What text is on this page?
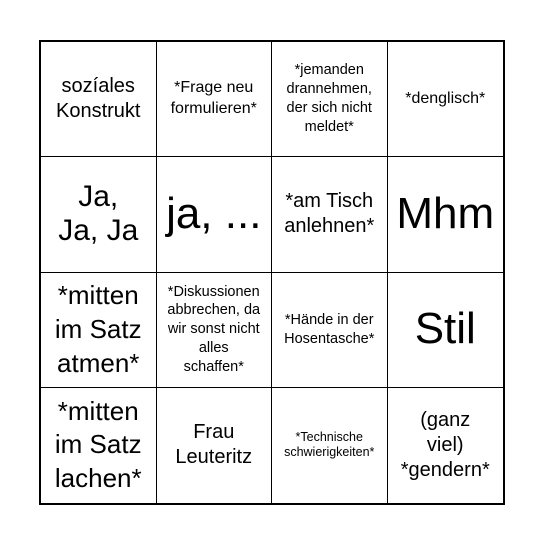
sozíales
Konstrukt
*Frage neu
formulieren*
*jemanden
drannehmen,
der sich nicht
meldet*
*denglisch*
Ja,
Ja, Ja ja, ... *am Tisch
anlehnen* Mhm
*mitten
im Satz
atmen*
*Diskussionen
abbrechen, da
wir sonst nicht
alles
schaffen*
*Hände in der
Hosentasche* Stil
*mitten
im Satz
lachen*
Frau
Leuteritz
*Technische
schwierigkeiten*
(ganz
viel)
*gendern*
